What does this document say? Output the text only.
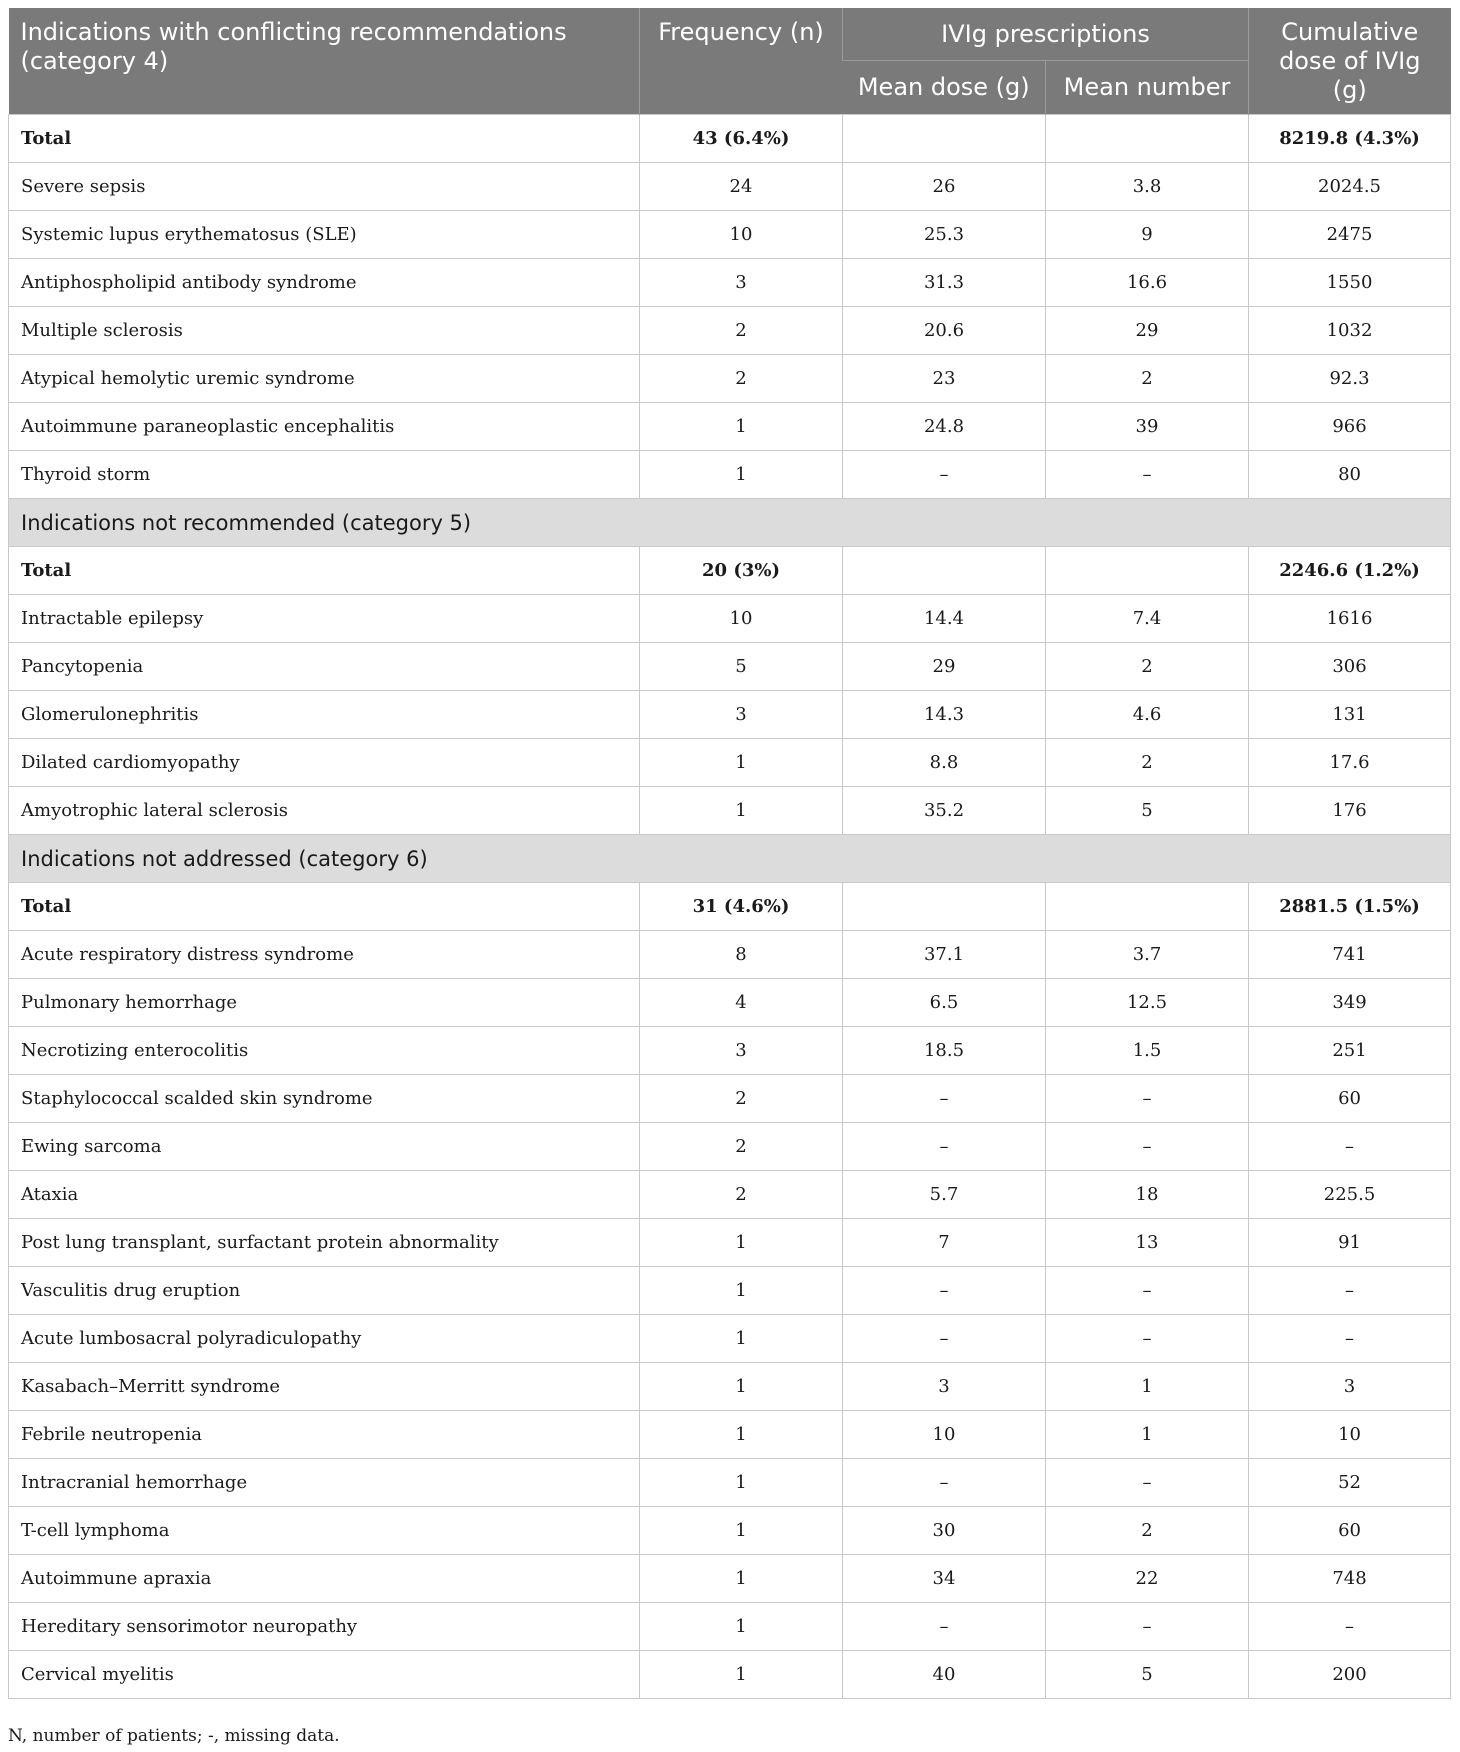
Indications with conflicting recommendations (category 4)	Frequency (n)	IVIg prescriptions		Cumulative dose of IVIg (g)
		Mean dose (g)	Mean number	
Total	43 (6.4%)			8219.8 (4.3%)
Severe sepsis	24	26	3.8	2024.5
Systemic lupus erythematosus (SLE)	10	25.3	9	2475
Antiphospholipid antibody syndrome	3	31.3	16.6	1550
Multiple sclerosis	2	20.6	29	1032
Atypical hemolytic uremic syndrome	2	23	2	92.3
Autoimmune paraneoplastic encephalitis	1	24.8	39	966
Thyroid storm	1	–	–	80
Indications not recommended (category 5)				
Total	20 (3%)			2246.6 (1.2%)
Intractable epilepsy	10	14.4	7.4	1616
Pancytopenia	5	29	2	306
Glomerulonephritis	3	14.3	4.6	131
Dilated cardiomyopathy	1	8.8	2	17.6
Amyotrophic lateral sclerosis	1	35.2	5	176
Indications not addressed (category 6)				
Total	31 (4.6%)			2881.5 (1.5%)
Acute respiratory distress syndrome	8	37.1	3.7	741
Pulmonary hemorrhage	4	6.5	12.5	349
Necrotizing enterocolitis	3	18.5	1.5	251
Staphylococcal scalded skin syndrome	2	–	–	60
Ewing sarcoma	2	–	–	–
Ataxia	2	5.7	18	225.5
Post lung transplant, surfactant protein abnormality	1	7	13	91
Vasculitis drug eruption	1	–	–	–
Acute lumbosacral polyradiculopathy	1	–	–	–
Kasabach–Merritt syndrome	1	3	1	3
Febrile neutropenia	1	10	1	10
Intracranial hemorrhage	1	–	–	52
T-cell lymphoma	1	30	2	60
Autoimmune apraxia	1	34	22	748
Hereditary sensorimotor neuropathy	1	–	–	–
Cervical myelitis	1	40	5	200
N, number of patients; -, missing data.
